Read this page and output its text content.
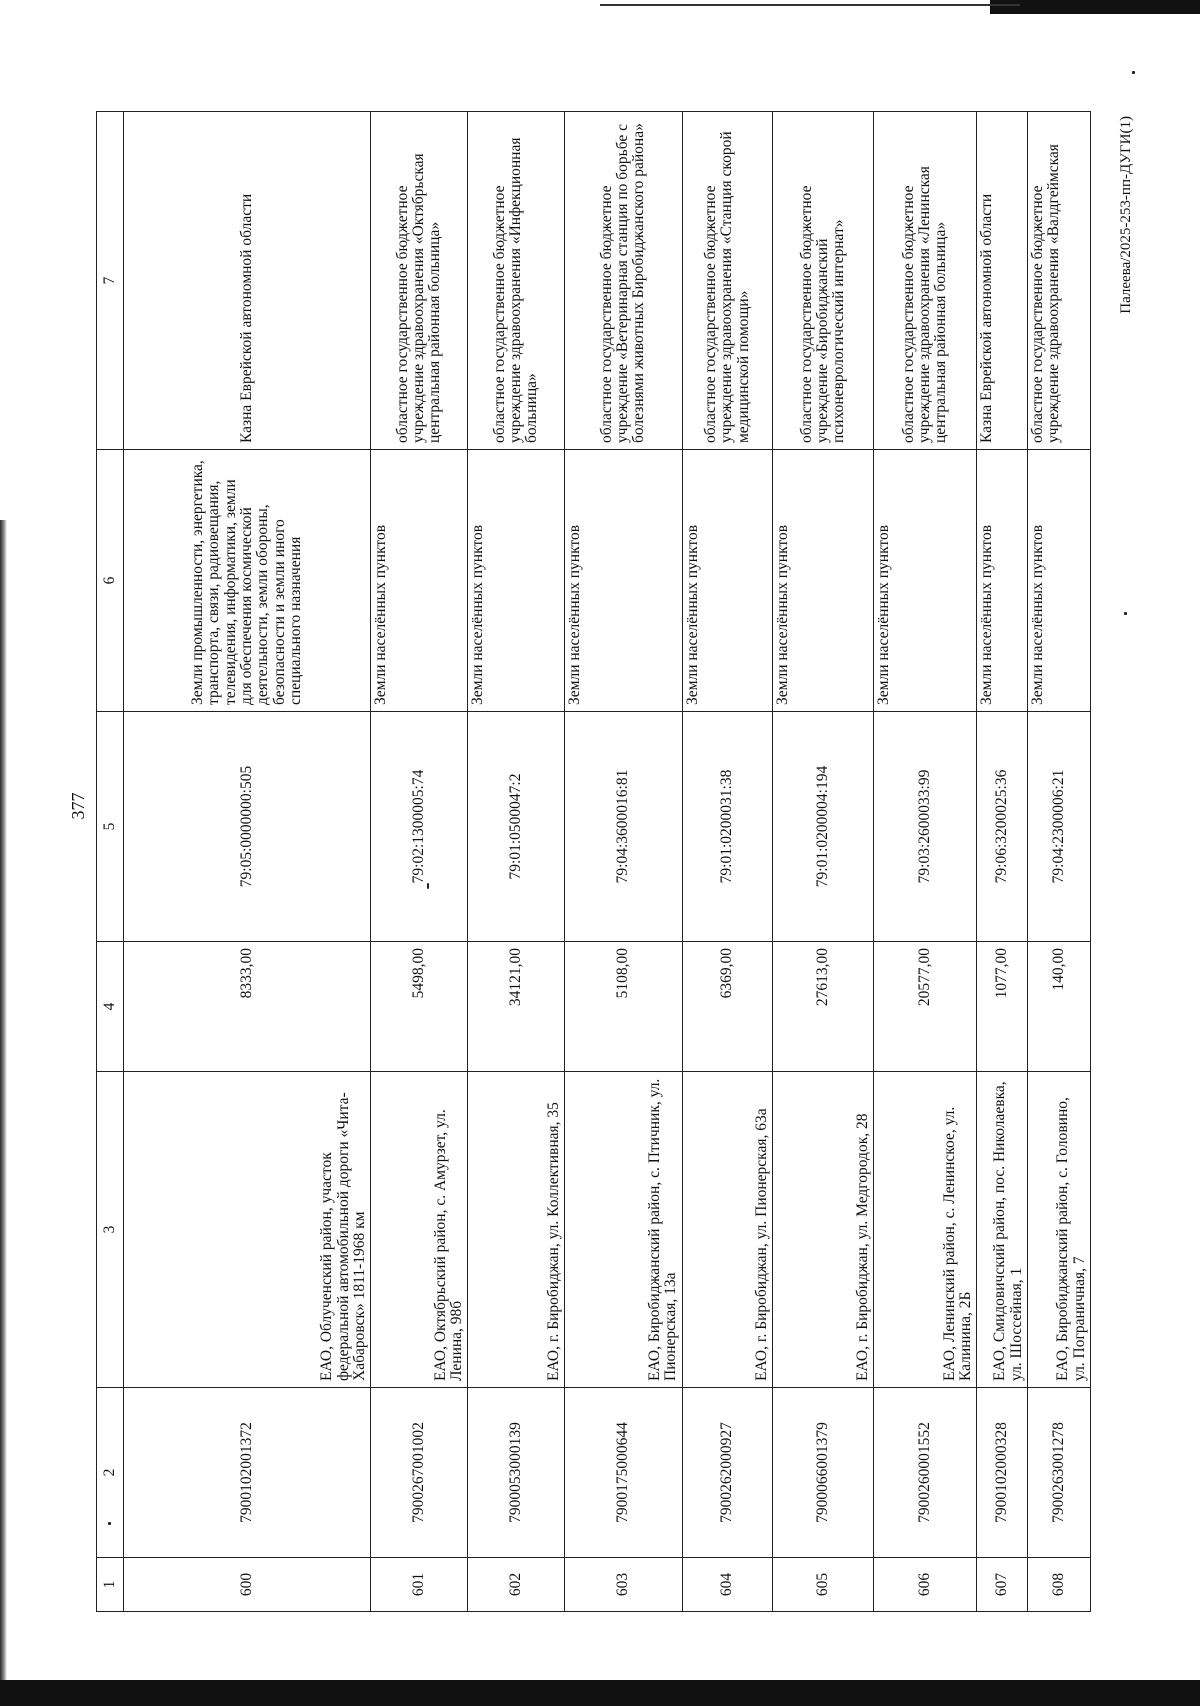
377
1	2	3	4	5	6	7
600	7900102001372	ЕАО, Облученский район, участок федеральной автомобильной дороги «Чита-Хабаровск» 1811-1968 км	8333,00	79:05:0000000:505	Земли промышленности, энергетика, транспорта, связи, радиовещания, телевидения, информатики, земли для обеспечения космической деятельности, земли обороны, безопасности и земли иного специального назначения	Казна Еврейской автономной области
601	7900267001002	ЕАО, Октябрьский район, с. Амурзет, ул. Ленина, 98б	5498,00	79:02:1300005:74	Земли населённых пунктов	областное государственное бюджетное учреждение здравоохранения «Октябрьская центральная районная больница»
602	7900053000139	ЕАО, г. Биробиджан, ул. Коллективная, 35	34121,00	79:01:0500047:2	Земли населённых пунктов	областное государственное бюджетное учреждение здравоохранения «Инфекционная больница»
603	7900175000644	ЕАО, Биробиджанский район, с. Птичник, ул. Пионерская, 13а	5108,00	79:04:3600016:81	Земли населённых пунктов	областное государственное бюджетное учреждение «Ветеринарная станция по борьбе с болезнями животных Биробиджанского района»
604	7900262000927	ЕАО, г. Биробиджан, ул. Пионерская, 63а	6369,00	79:01:0200031:38	Земли населённых пунктов	областное государственное бюджетное учреждение здравоохранения «Станция скорой медицинской помощи»
605	7900066001379	ЕАО, г. Биробиджан, ул. Медгородок, 28	27613,00	79:01:0200004:194	Земли населённых пунктов	областное государственное бюджетное учреждение «Биробиджанский психоневрологический интернат»
606	7900260001552	ЕАО, Ленинский район, с. Ленинское, ул. Калинина, 2Б	20577,00	79:03:2600033:99	Земли населённых пунктов	областное государственное бюджетное учреждение здравоохранения «Ленинская центральная районная больница»
607	7900102000328	ЕАО, Смидовичский район, пос. Николаевка, ул. Шоссейная, 1	1077,00	79:06:3200025:36	Земли населённых пунктов	Казна Еврейской автономной области
608	7900263001278	ЕАО, Биробиджанский район, с. Головино, ул. Пограничная, 7	140,00	79:04:2300006:21	Земли населённых пунктов	областное государственное бюджетное учреждение здравоохранения «Валдгеймская	Палеева/2025-253-пп-ДУГИ(1)
